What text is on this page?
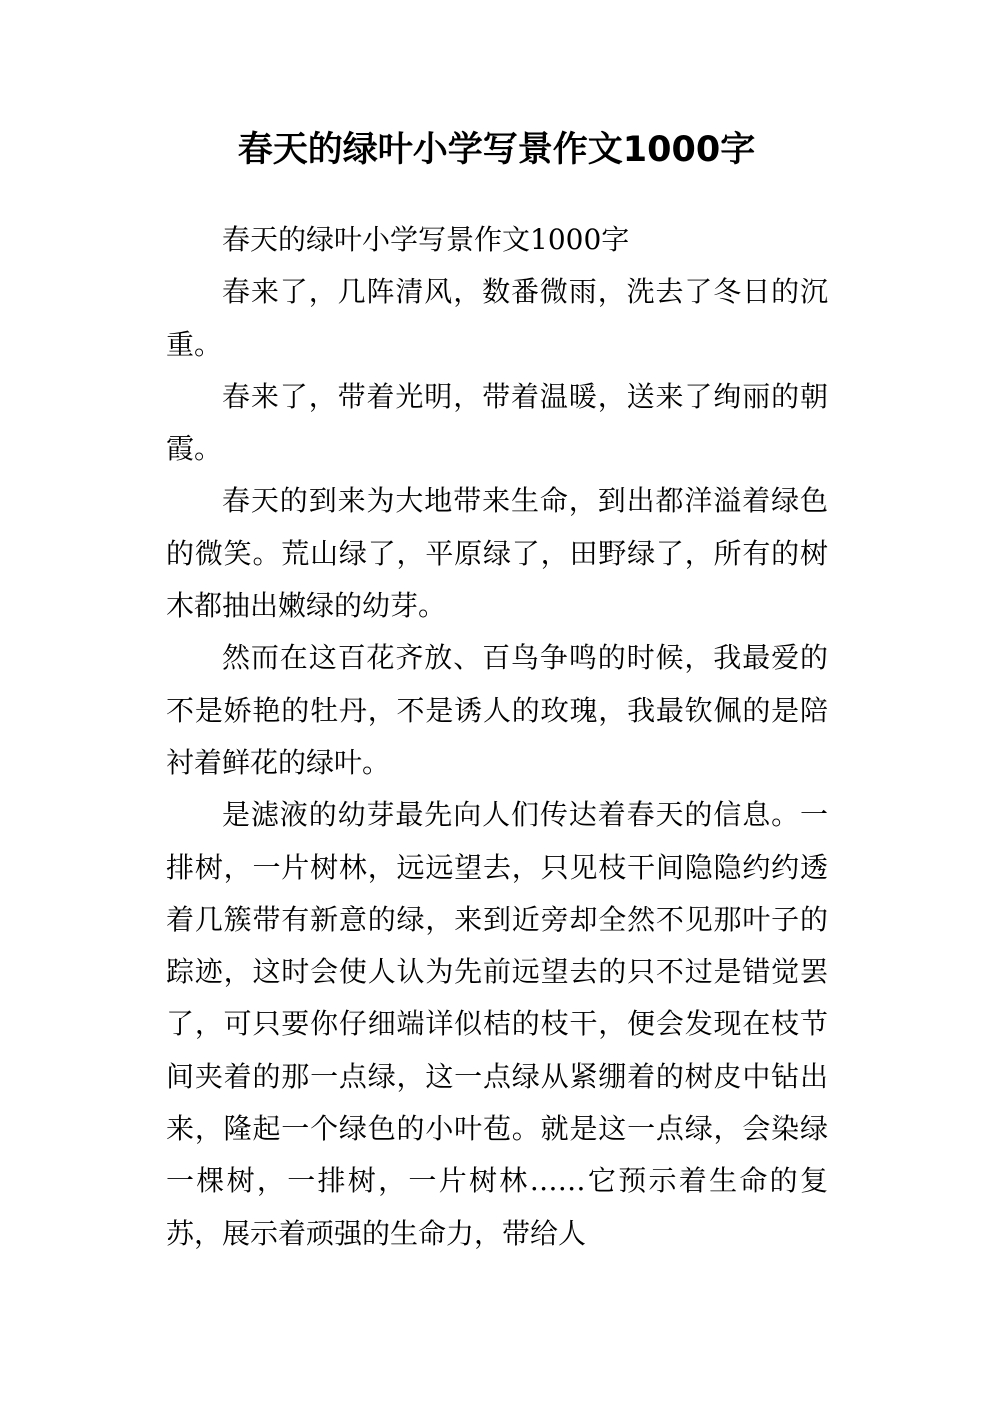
春天的绿叶小学写景作文1000字

春天的绿叶小学写景作文1000字

春来了，几阵清风，数番微雨，洗去了冬日的沉重。

春来了，带着光明，带着温暖，送来了绚丽的朝霞。

春天的到来为大地带来生命，到出都洋溢着绿色的微笑。荒山绿了，平原绿了，田野绿了，所有的树木都抽出嫩绿的幼芽。

然而在这百花齐放、百鸟争鸣的时候，我最爱的不是娇艳的牡丹，不是诱人的玫瑰，我最钦佩的是陪衬着鲜花的绿叶。

是滤液的幼芽最先向人们传达着春天的信息。一排树，一片树林，远远望去，只见枝干间隐隐约约透着几簇带有新意的绿，来到近旁却全然不见那叶子的踪迹，这时会使人认为先前远望去的只不过是错觉罢了，可只要你仔细端详似桔的枝干，便会发现在枝节间夹着的那一点绿，这一点绿从紧绷着的树皮中钻出来，隆起一个绿色的小叶苞。就是这一点绿，会染绿一棵树，一排树，一片树林……它预示着生命的复苏，展示着顽强的生命力，带给人
